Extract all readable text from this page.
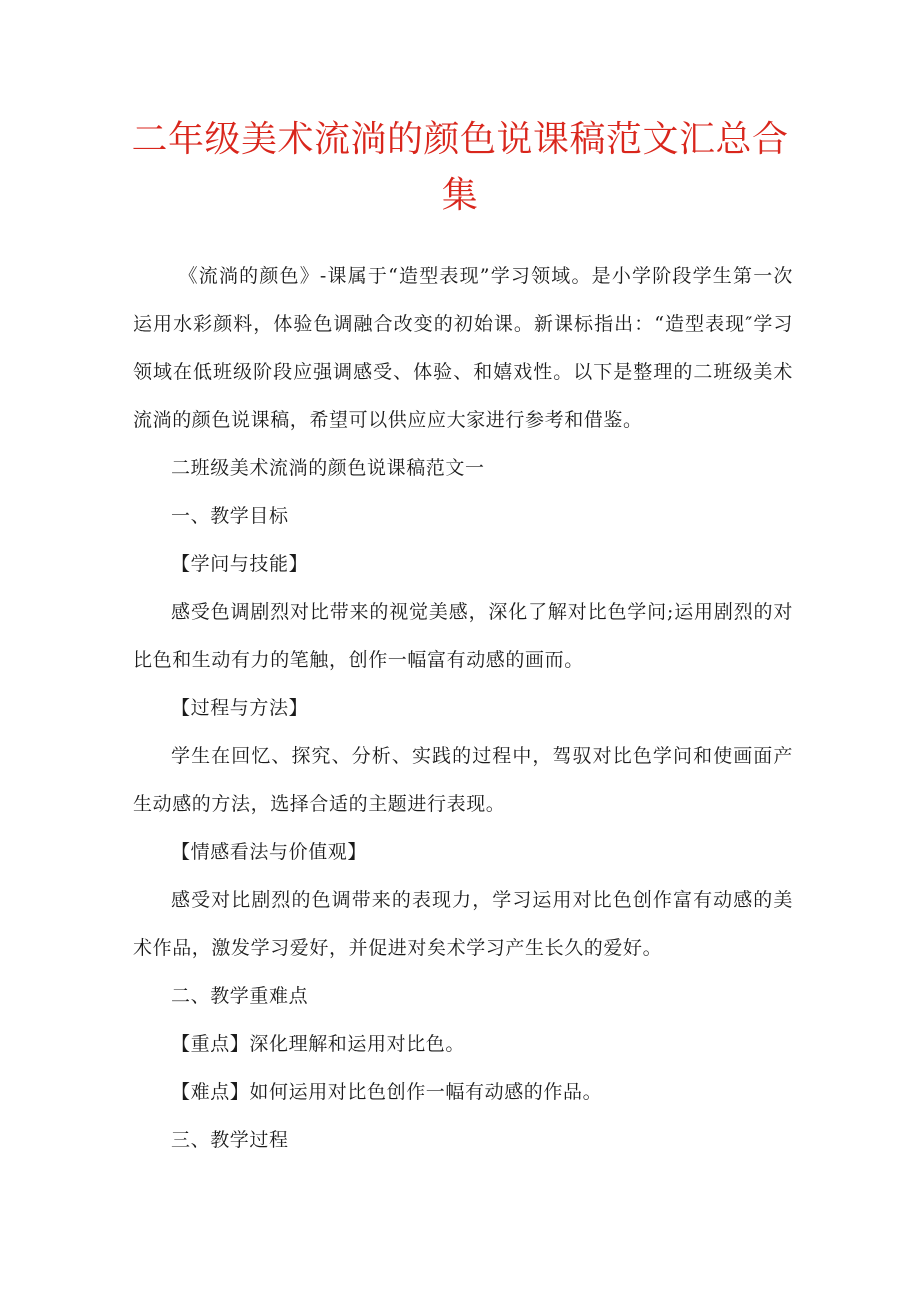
二年级美术流淌的颜色说课稿范文汇总合集

《流淌的颜色》-课属于“造型表现”学习领域。是小学阶段学生第一次运用水彩颜料，体验色调融合改变的初始课。新课标指出：“造型表现″学习领域在低班级阶段应强调感受、体验、和嬉戏性。以下是整理的二班级美术流淌的颜色说课稿，希望可以供应应大家进行参考和借鉴。

二班级美术流淌的颜色说课稿范文一

一、教学目标

【学问与技能】

感受色调剧烈对比带来的视觉美感，深化了解对比色学问;运用剧烈的对比色和生动有力的笔触，创作一幅富有动感的画而。

【过程与方法】

学生在回忆、探究、分析、实践的过程中，驾驭对比色学问和使画面产生动感的方法，选择合适的主题进行表现。

【情感看法与价值观】

感受对比剧烈的色调带来的表现力，学习运用对比色创作富有动感的美术作品，激发学习爱好，并促进对矣术学习产生长久的爱好。

二、教学重难点

【重点】深化理解和运用对比色。

【难点】如何运用对比色创作一幅有动感的作品。

三、教学过程
